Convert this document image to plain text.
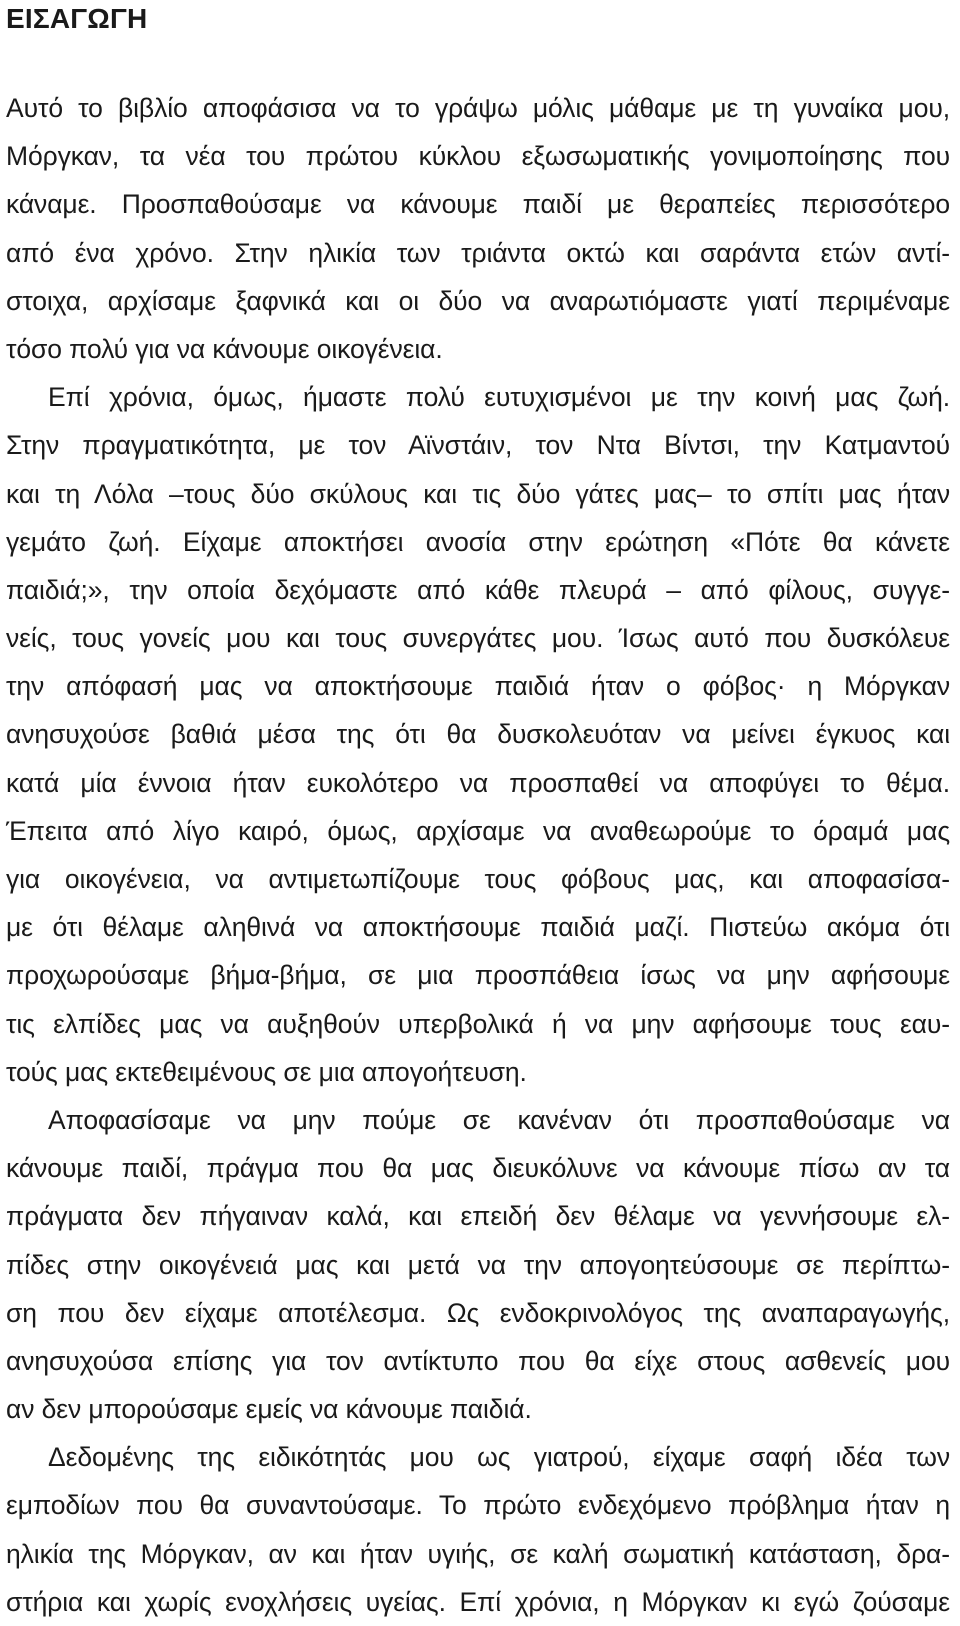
ΕΙΣΑΓΩΓΗ
Αυτό το βιβλίο αποφάσισα να το γράψω μόλις μάθαμε με τη γυναίκα μου,
Μόργκαν, τα νέα του πρώτου κύκλου εξωσωματικής γονιμοποίησης που
κάναμε. Προσπαθούσαμε να κάνουμε παιδί με θεραπείες περισσότερο
από ένα χρόνο. Στην ηλικία των τριάντα οκτώ και σαράντα ετών αντί-
στοιχα, αρχίσαμε ξαφνικά και οι δύο να αναρωτιόμαστε γιατί περιμέναμε
τόσο πολύ για να κάνουμε οικογένεια.
Επί χρόνια, όμως, ήμαστε πολύ ευτυχισμένοι με την κοινή μας ζωή.
Στην πραγματικότητα, με τον Αϊνστάιν, τον Ντα Βίντσι, την Κατμαντού
και τη Λόλα –τους δύο σκύλους και τις δύο γάτες μας– το σπίτι μας ήταν
γεμάτο ζωή. Είχαμε αποκτήσει ανοσία στην ερώτηση «Πότε θα κάνετε
παιδιά;», την οποία δεχόμαστε από κάθε πλευρά – από φίλους, συγγε-
νείς, τους γονείς μου και τους συνεργάτες μου. Ίσως αυτό που δυσκόλευε
την απόφασή μας να αποκτήσουμε παιδιά ήταν ο φόβος· η Μόργκαν
ανησυχούσε βαθιά μέσα της ότι θα δυσκολευόταν να μείνει έγκυος και
κατά μία έννοια ήταν ευκολότερο να προσπαθεί να αποφύγει το θέμα.
Έπειτα από λίγο καιρό, όμως, αρχίσαμε να αναθεωρούμε το όραμά μας
για οικογένεια, να αντιμετωπίζουμε τους φόβους μας, και αποφασίσα-
με ότι θέλαμε αληθινά να αποκτήσουμε παιδιά μαζί. Πιστεύω ακόμα ότι
προχωρούσαμε βήμα-βήμα, σε μια προσπάθεια ίσως να μην αφήσουμε
τις ελπίδες μας να αυξηθούν υπερβολικά ή να μην αφήσουμε τους εαυ-
τούς μας εκτεθειμένους σε μια απογοήτευση.
Αποφασίσαμε να μην πούμε σε κανέναν ότι προσπαθούσαμε να
κάνουμε παιδί, πράγμα που θα μας διευκόλυνε να κάνουμε πίσω αν τα
πράγματα δεν πήγαιναν καλά, και επειδή δεν θέλαμε να γεννήσουμε ελ-
πίδες στην οικογένειά μας και μετά να την απογοητεύσουμε σε περίπτω-
ση που δεν είχαμε αποτέλεσμα. Ως ενδοκρινολόγος της αναπαραγωγής,
ανησυχούσα επίσης για τον αντίκτυπο που θα είχε στους ασθενείς μου
αν δεν μπορούσαμε εμείς να κάνουμε παιδιά.
Δεδομένης της ειδικότητάς μου ως γιατρού, είχαμε σαφή ιδέα των
εμποδίων που θα συναντούσαμε. Το πρώτο ενδεχόμενο πρόβλημα ήταν η
ηλικία της Μόργκαν, αν και ήταν υγιής, σε καλή σωματική κατάσταση, δρα-
στήρια και χωρίς ενοχλήσεις υγείας. Επί χρόνια, η Μόργκαν κι εγώ ζούσαμε
